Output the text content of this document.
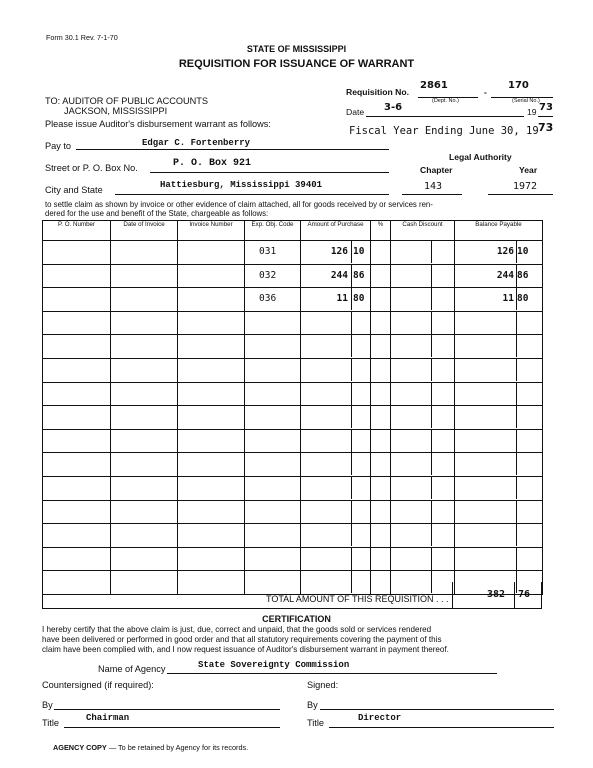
Form 30.1 Rev. 7-1-70
STATE OF MISSISSIPPI
REQUISITION FOR ISSUANCE OF WARRANT
TO: AUDITOR OF PUBLIC ACCOUNTS
JACKSON, MISSISSIPPI
Please issue Auditor's disbursement warrant as follows:
Requisition No.
2861
-
170
(Dept. No.)	(Serial No.)
Date 3-6	19 73
Fiscal Year Ending June 30, 19 73
Pay to	Edgar C. Fortenberry
Street or P. O. Box No.	P. O. Box 921
Legal Authority
Chapter	Year
City and State	Hattiesburg, Mississippi 39401	143	1972
to settle claim as shown by invoice or other evidence of claim attached, all for goods received by or services ren-
dered for the use and benefit of the State, chargeable as follows:
P. O. Number	Date of Invoice	Invoice Number	Exp. Obj. Code	Amount of Purchase	%	Cash Discount	Balance Payable

			031	126 10			126 10

			032	244 86			244 86

			036	11 80			11 80

TOTAL AMOUNT OF THIS REQUISITION . . .	382 76
CERTIFICATION
I hereby certify that the above claim is just, due, correct and unpaid, that the goods sold or services rendered
have been delivered or performed in good order and that all statutory requirements covering the payment of this
claim have been complied with, and I now request issuance of Auditor's disbursement warrant in payment thereof.
Name of Agency	State Sovereignty Commission
Countersigned (if required):	Signed:
By	By
Title	Chairman	Title	Director
AGENCY COPY — To be retained by Agency for its records.
